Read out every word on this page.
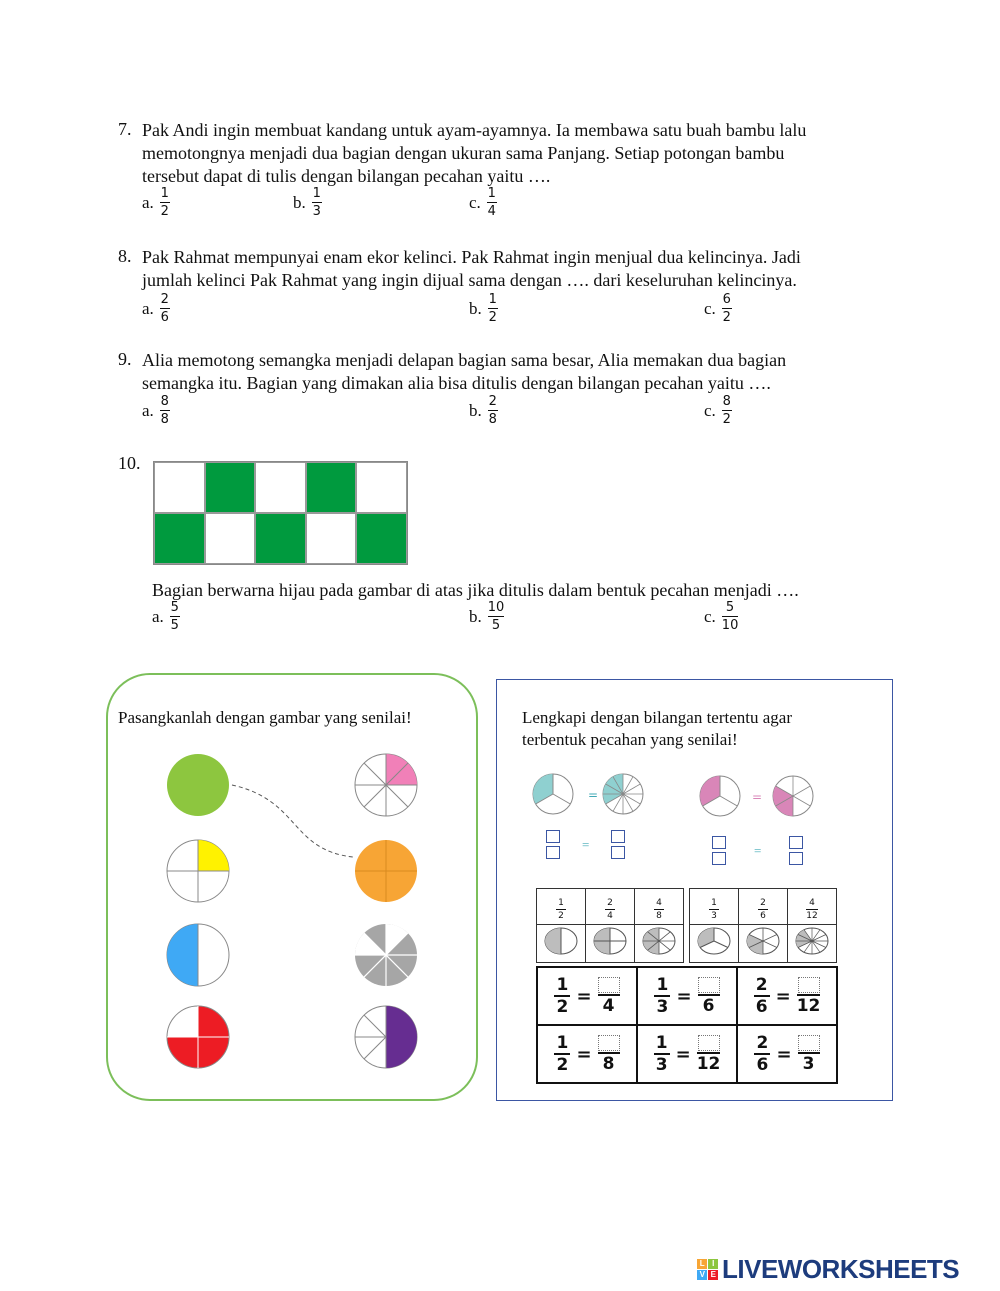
7. Pak Andi ingin membuat kandang untuk ayam-ayamnya. Ia membawa satu buah bambu lalu
memotongnya menjadi dua bagian dengan ukuran sama Panjang. Setiap potongan bambu
tersebut dapat di tulis dengan bilangan pecahan yaitu ….
a. $\frac{1}{2}$	b. $\frac{1}{3}$	c. $\frac{1}{4}$
8. Pak Rahmat mempunyai enam ekor kelinci. Pak Rahmat ingin menjual dua kelincinya. Jadi
jumlah kelinci Pak Rahmat yang ingin dijual sama dengan …. dari keseluruhan kelincinya.
a. $\frac{2}{6}$	b. $\frac{1}{2}$	c. $\frac{6}{2}$
9. Alia memotong semangka menjadi delapan bagian sama besar, Alia memakan dua bagian
semangka itu. Bagian yang dimakan alia bisa ditulis dengan bilangan pecahan yaitu ….
a. $\frac{8}{8}$	b. $\frac{2}{8}$	c. $\frac{8}{2}$
10.
Bagian berwarna hijau pada gambar di atas jika ditulis dalam bentuk pecahan menjadi ….
a. $\frac{5}{5}$	b. $\frac{10}{5}$	c. $\frac{5}{10}$
Pasangkanlah dengan gambar yang senilai!	Lengkapi dengan bilangan tertentu agar
terbentuk pecahan yang senilai!
=	=
=	=
$\frac{1}{2}$	$\frac{2}{4}$	$\frac{4}{8}$		$\frac{1}{3}$	$\frac{2}{6}$	$\frac{4}{12}$

$\frac{1}{2} = 4$	$\frac{1}{3} = 6$	$\frac{2}{6} = 12$

$\frac{1}{2} = 8$	$\frac{1}{3} = 12$	$\frac{2}{6} = 3$
L I
V E LIVEWORKSHEETS
